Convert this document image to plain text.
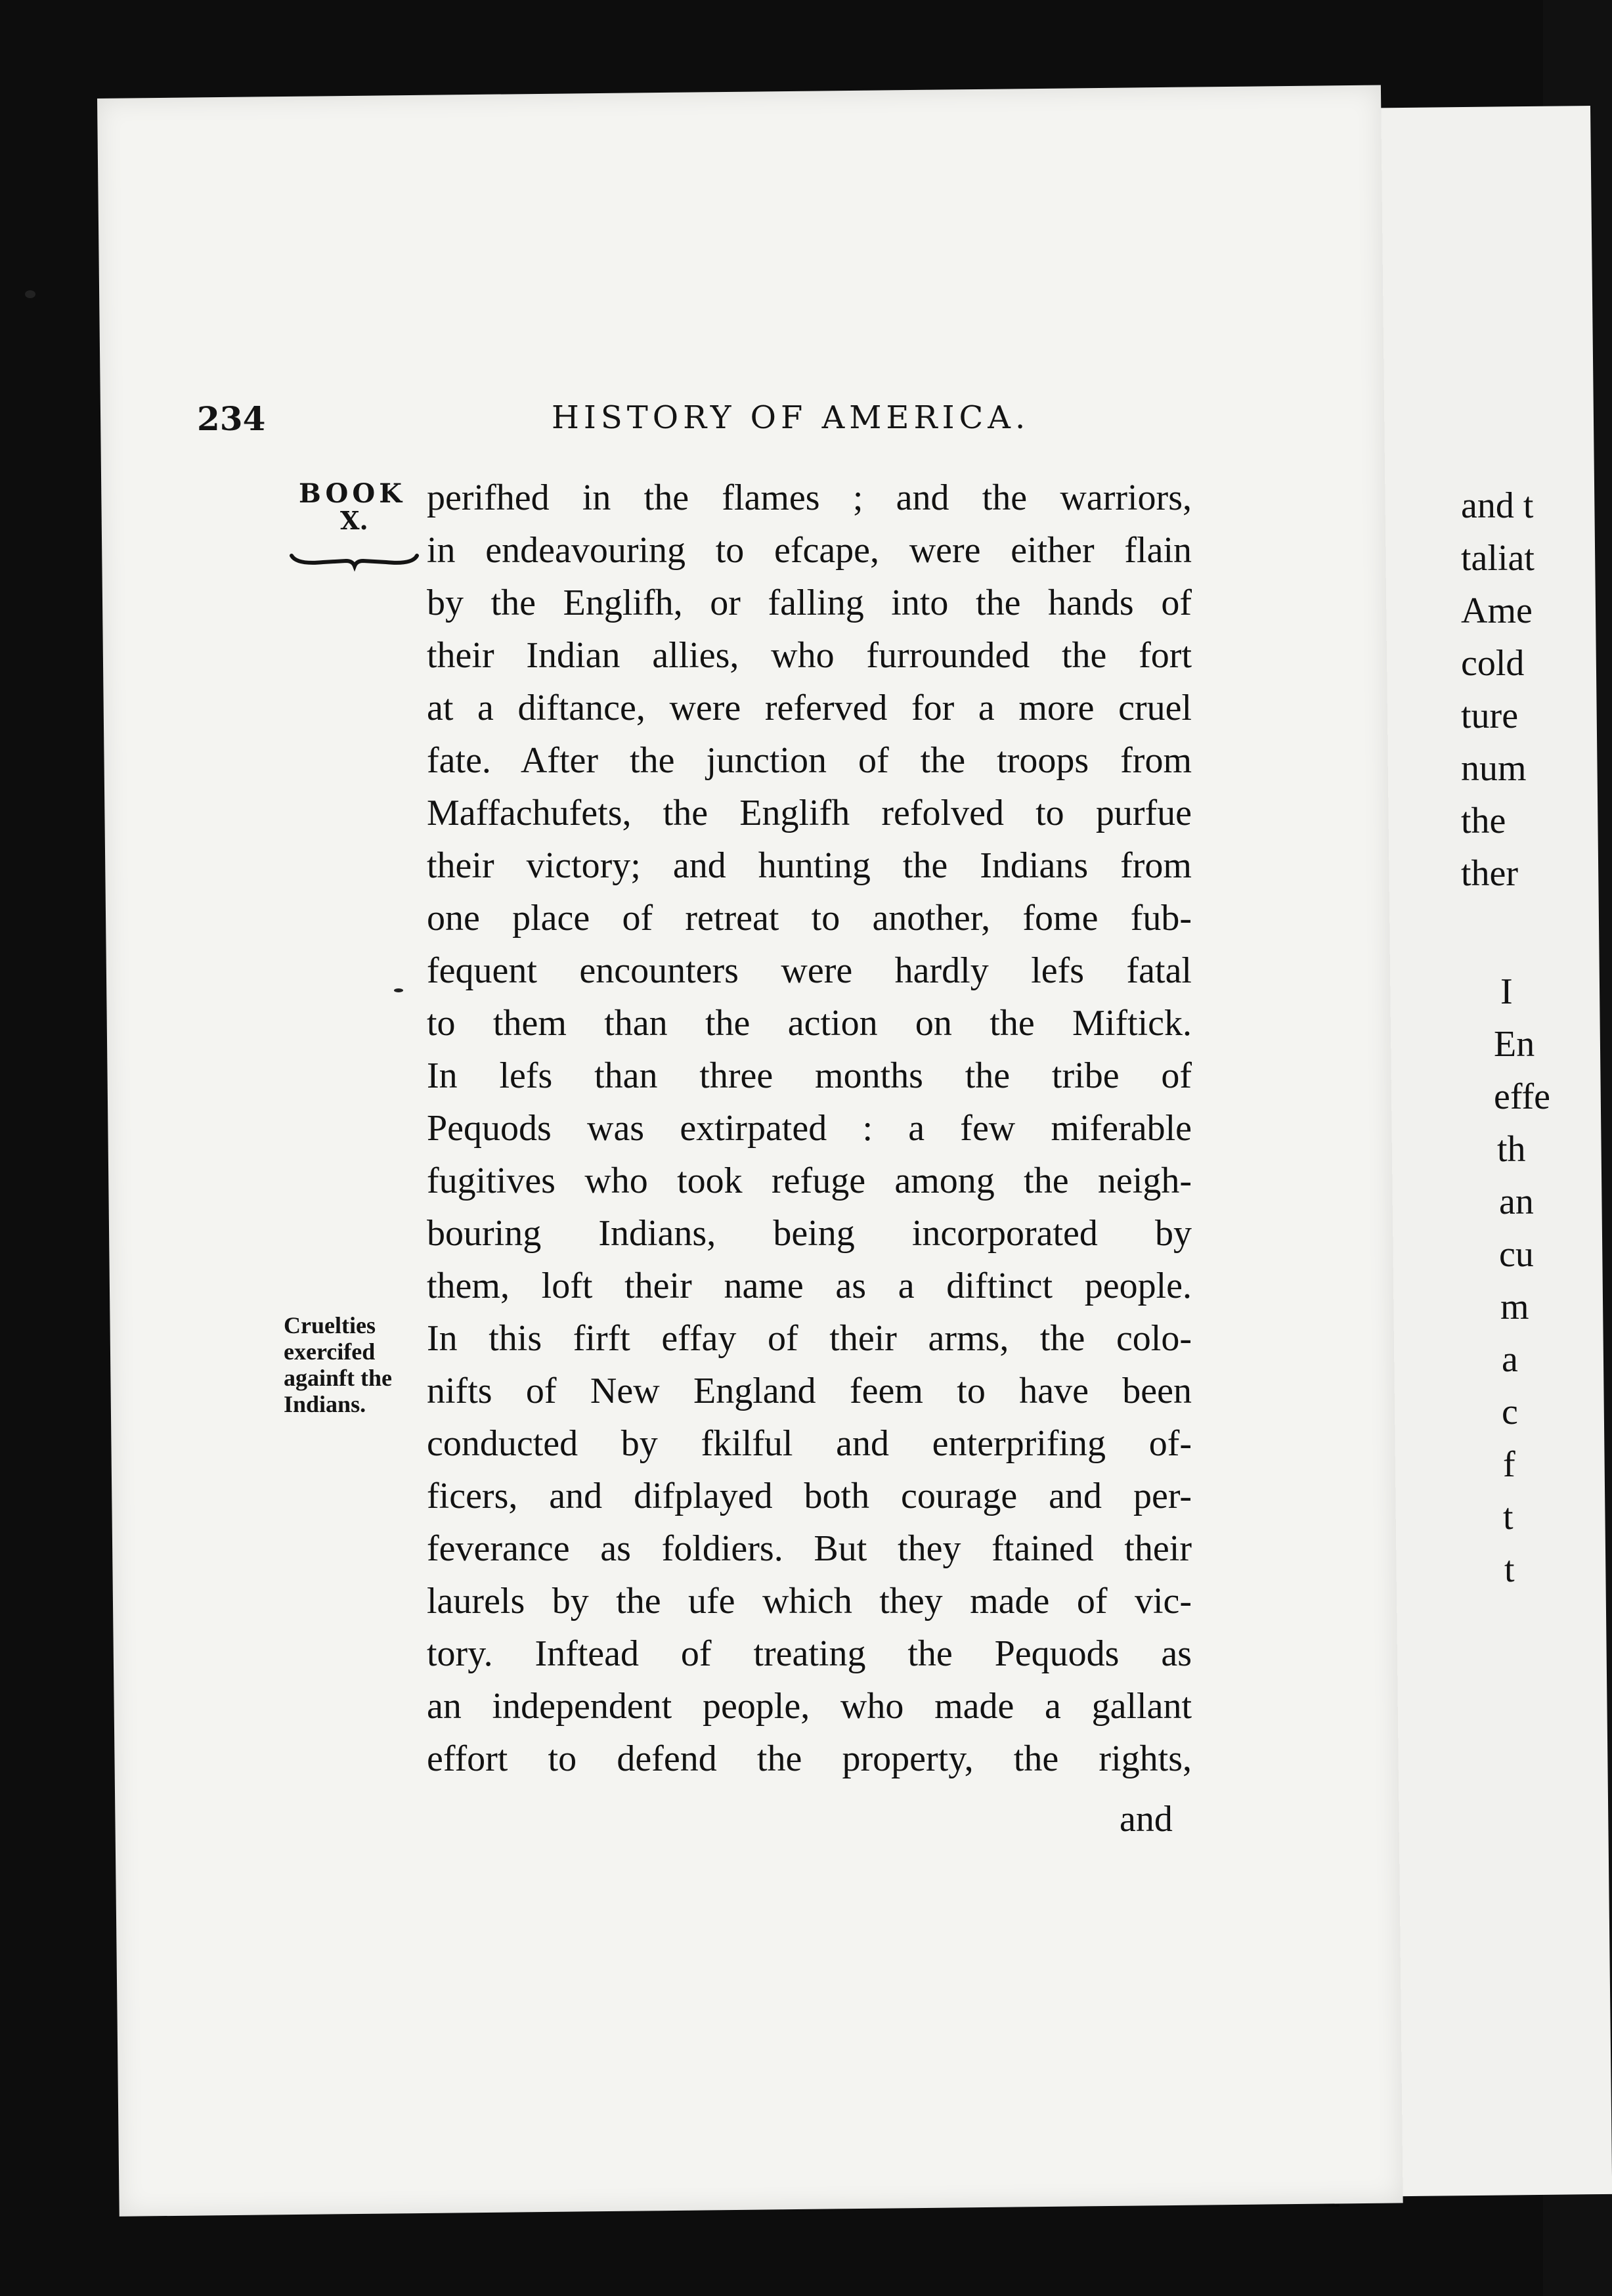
234	HISTORY OF AMERICA.
BOOK
X.
Cruelties
exercifed
againft the
Indians.
perifhed in the flames ; and the warriors,
in endeavouring to efcape, were either flain
by the Englifh, or falling into the hands of
their Indian allies, who furrounded the fort
at a diftance, were referved for a more cruel
fate. After the junction of the troops from
Maffachufets, the Englifh refolved to purfue
their victory; and hunting the Indians from
one place of retreat to another, fome fub-
fequent encounters were hardly lefs fatal
to them than the action on the Miftick.
In lefs than three months the tribe of
Pequods was extirpated : a few miferable
fugitives who took refuge among the neigh-
bouring Indians, being incorporated by
them, loft their name as a diftinct people.
In this firft effay of their arms, the colo-
nifts of New England feem to have been
conducted by fkilful and enterprifing of-
ficers, and difplayed both courage and per-
feverance as foldiers. But they ftained their
laurels by the ufe which they made of vic-
tory. Inftead of treating the Pequods as
an independent people, who made a gallant
effort to defend the property, the rights,
and
and t
taliat
Ame
cold
ture
num
the
ther
I
En
effe
th
an
cu
m
a
c
f
t
t
